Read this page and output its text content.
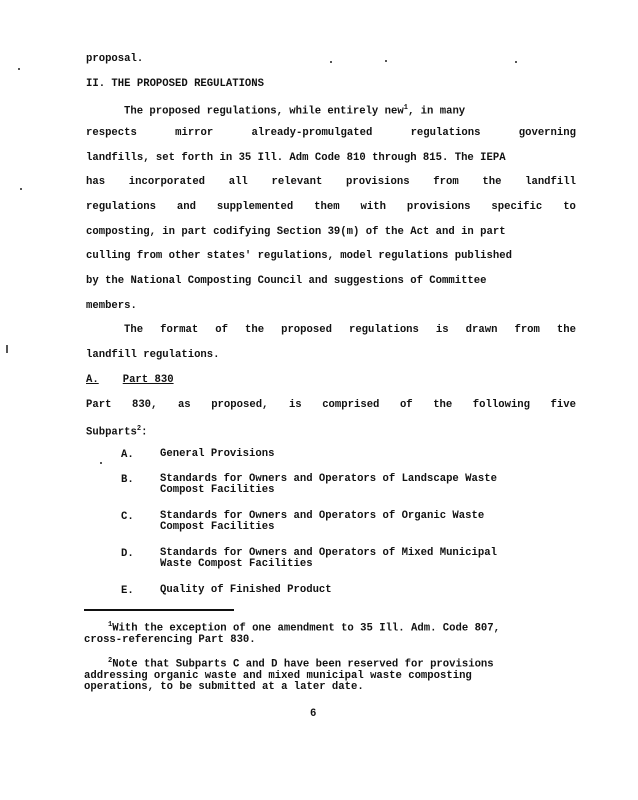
proposal.
II. THE PROPOSED REGULATIONS
The proposed regulations, while entirely new$^1$, in many
respects	mirror	already-promulgated	regulations	governing
landfills, set forth in 35 Ill. Adm Code 810 through 815. The IEPA
has incorporated all relevant provisions from the landfill
regulations and supplemented them with provisions specific to
composting, in part codifying Section 39(m) of the Act and in part
culling from other states' regulations, model regulations published
by the National Composting Council and suggestions of Committee
members.
The format of the proposed regulations is drawn from the
landfill regulations.
A. Part 830
Part 830, as proposed, is comprised of the following five
Subparts$^2$:
A. General Provisions
B. Standards for Owners and Operators of Landscape Waste
Compost Facilities
C. Standards for Owners and Operators of Organic Waste
Compost Facilities
D. Standards for Owners and Operators of Mixed Municipal
Waste Compost Facilities
E. Quality of Finished Product
$^1$With the exception of one amendment to 35 Ill. Adm. Code 807,
cross-referencing Part 830.
$^2$Note that Subparts C and D have been reserved for provisions
addressing organic waste and mixed municipal waste composting
operations, to be submitted at a later date.
6
